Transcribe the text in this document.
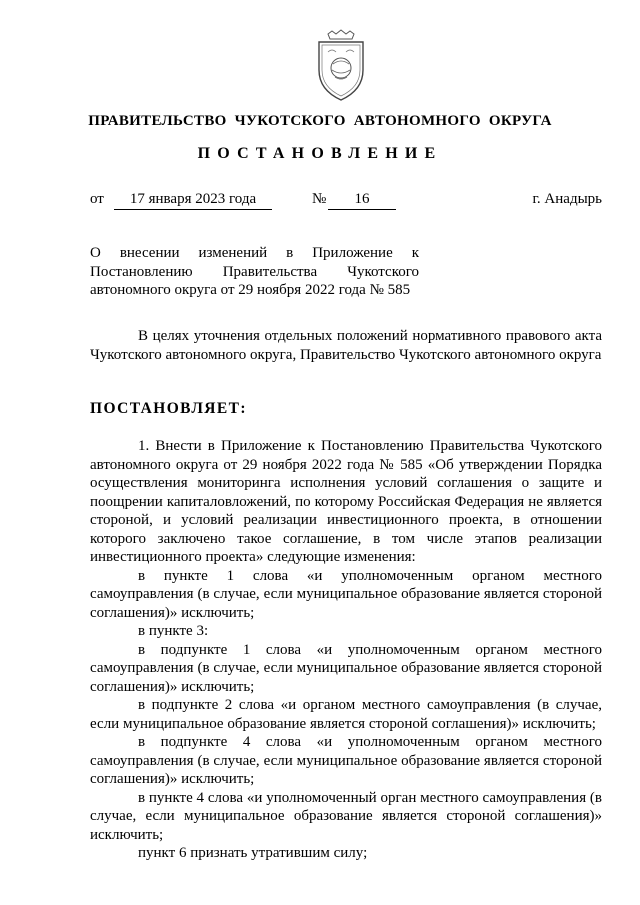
ПРАВИТЕЛЬСТВО ЧУКОТСКОГО АВТОНОМНОГО ОКРУГА
ПОСТАНОВЛЕНИЕ
от	17 января 2023 года	№	16	г. Анадырь
О внесении изменений в Приложение к
Постановлению Правительства Чукотского
автономного округа от 29 ноября 2022 года № 585
В целях уточнения отдельных положений нормативного правового акта Чукотского автономного округа, Правительство Чукотского автономного округа
ПОСТАНОВЛЯЕТ:

1. Внести в Приложение к Постановлению Правительства Чукотского автономного округа от 29 ноября 2022 года № 585 «Об утверждении Порядка осуществления мониторинга исполнения условий соглашения о защите и поощрении капиталовложений, по которому Российская Федерация не является стороной, и условий реализации инвестиционного проекта, в отношении которого заключено такое соглашение, в том числе этапов реализации инвестиционного проекта» следующие изменения:

в пункте 1 слова «и уполномоченным органом местного самоуправления (в случае, если муниципальное образование является стороной соглашения)» исключить;

в пункте 3:

в подпункте 1 слова «и уполномоченным органом местного самоуправления (в случае, если муниципальное образование является стороной соглашения)» исключить;

в подпункте 2 слова «и органом местного самоуправления (в случае, если муниципальное образование является стороной соглашения)» исключить;

в подпункте 4 слова «и уполномоченным органом местного самоуправления (в случае, если муниципальное образование является стороной соглашения)» исключить;

в пункте 4 слова «и уполномоченный орган местного самоуправления (в случае, если муниципальное образование является стороной соглашения)» исключить;

пункт 6 признать утратившим силу;
